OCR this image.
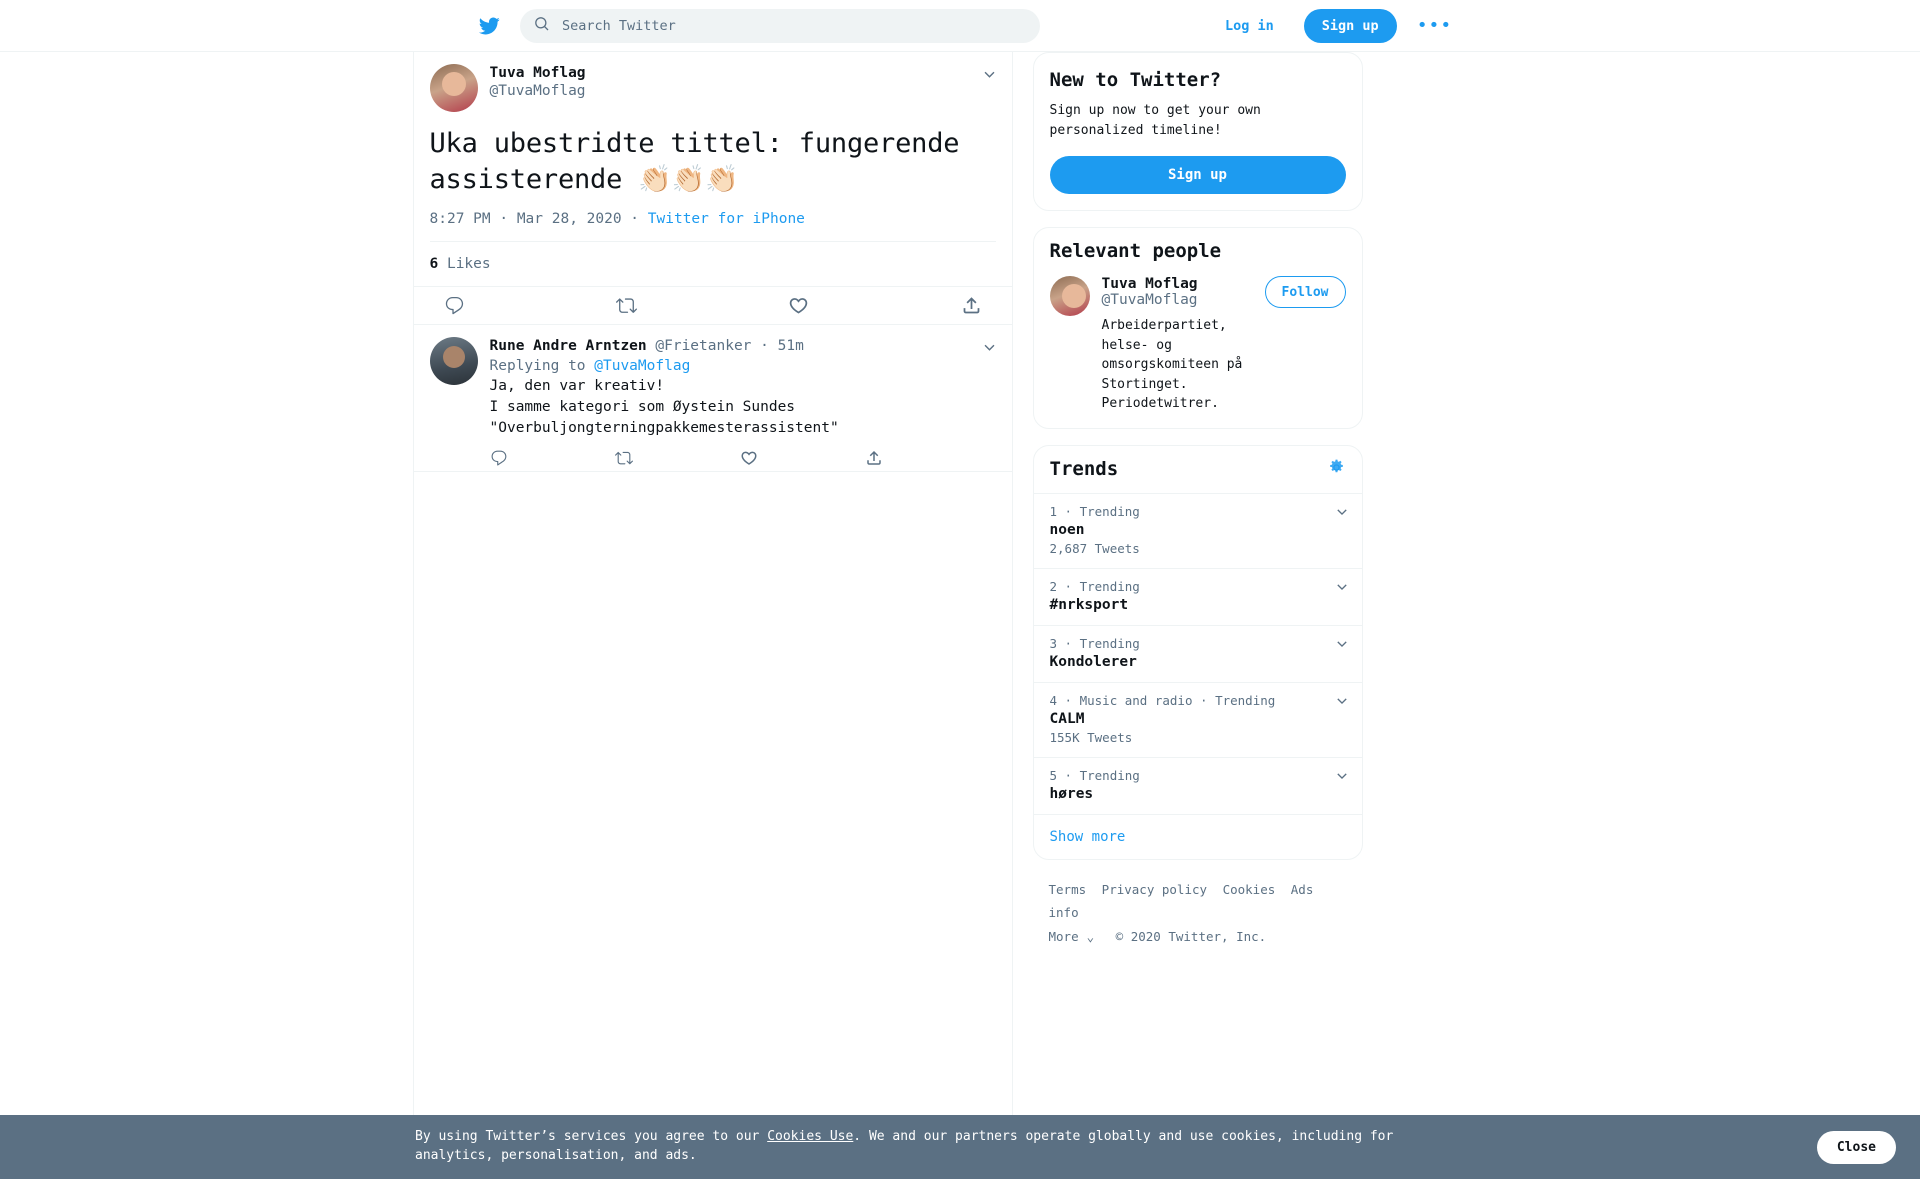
Search Twitter
Log in	Sign up	•••
Tuva Moflag
@TuvaMoflag
Uka ubestridte tittel: fungerende assisterende 👏🏻👏🏻👏🏻
8:27 PM · Mar 28, 2020 · Twitter for iPhone
6 Likes
Rune Andre Arntzen @Frietanker · 51m
Replying to @TuvaMoflag
Ja, den var kreativ!
I samme kategori som Øystein Sundes
"Overbuljongterningpakkemesterassistent"
New to Twitter?
Sign up now to get your own personalized timeline!
Sign up
Relevant people
Tuva Moflag
@TuvaMoflag
Arbeiderpartiet, helse- og omsorgskomiteen på Stortinget. Periodetwitrer.
Follow
Trends
1 · Trending
noen
2,687 Tweets
2 · Trending
#nrksport
3 · Trending
Kondolerer
4 · Music and radio · Trending
CALM
155K Tweets
5 · Trending
høres
Show more
Terms Privacy policy Cookies Ads info
More ⌄ © 2020 Twitter, Inc.
By using Twitter’s services you agree to our Cookies Use. We and our partners operate globally and use cookies, including for analytics, personalisation, and ads.
Close
